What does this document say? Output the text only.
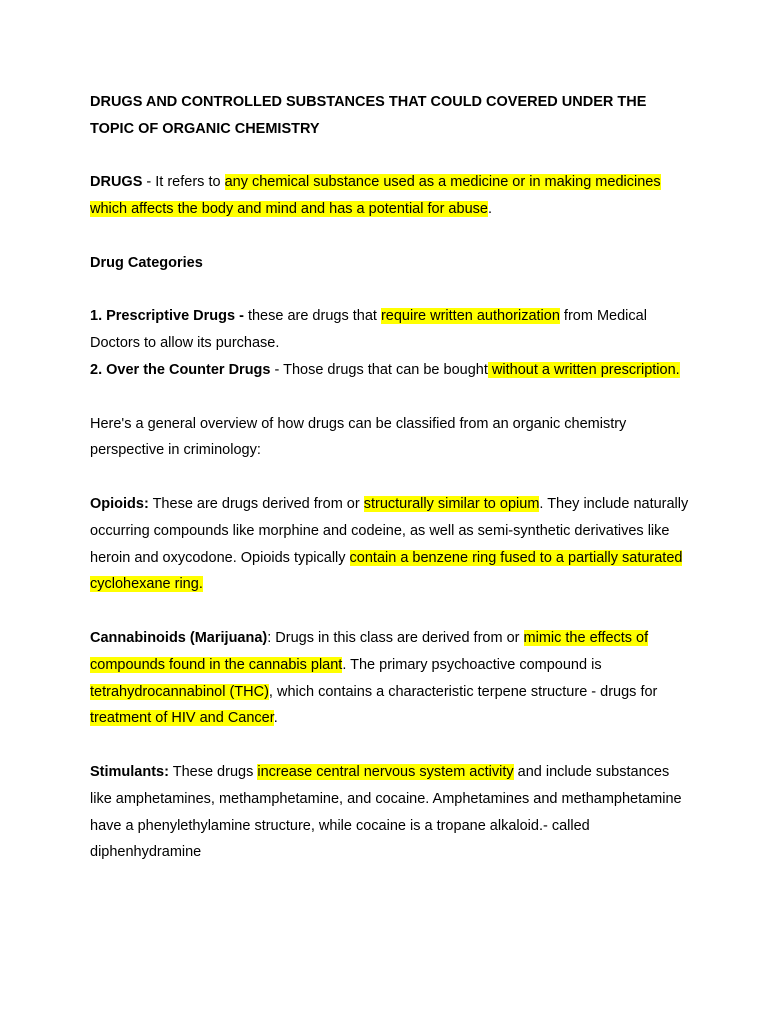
DRUGS AND CONTROLLED SUBSTANCES THAT COULD COVERED UNDER THE TOPIC OF ORGANIC CHEMISTRY

DRUGS - It refers to any chemical substance used as a medicine or in making medicines which affects the body and mind and has a potential for abuse.

Drug Categories

1. Prescriptive Drugs - these are drugs that require written authorization from Medical Doctors to allow its purchase.

2. Over the Counter Drugs - Those drugs that can be bought without a written prescription.

Here's a general overview of how drugs can be classified from an organic chemistry perspective in criminology:

Opioids: These are drugs derived from or structurally similar to opium. They include naturally occurring compounds like morphine and codeine, as well as semi-synthetic derivatives like heroin and oxycodone. Opioids typically contain a benzene ring fused to a partially saturated cyclohexane ring.

Cannabinoids (Marijuana): Drugs in this class are derived from or mimic the effects of compounds found in the cannabis plant. The primary psychoactive compound is tetrahydrocannabinol (THC), which contains a characteristic terpene structure - drugs for treatment of HIV and Cancer.

Stimulants: These drugs increase central nervous system activity and include substances like amphetamines, methamphetamine, and cocaine. Amphetamines and methamphetamine have a phenylethylamine structure, while cocaine is a tropane alkaloid.- called diphenhydramine
